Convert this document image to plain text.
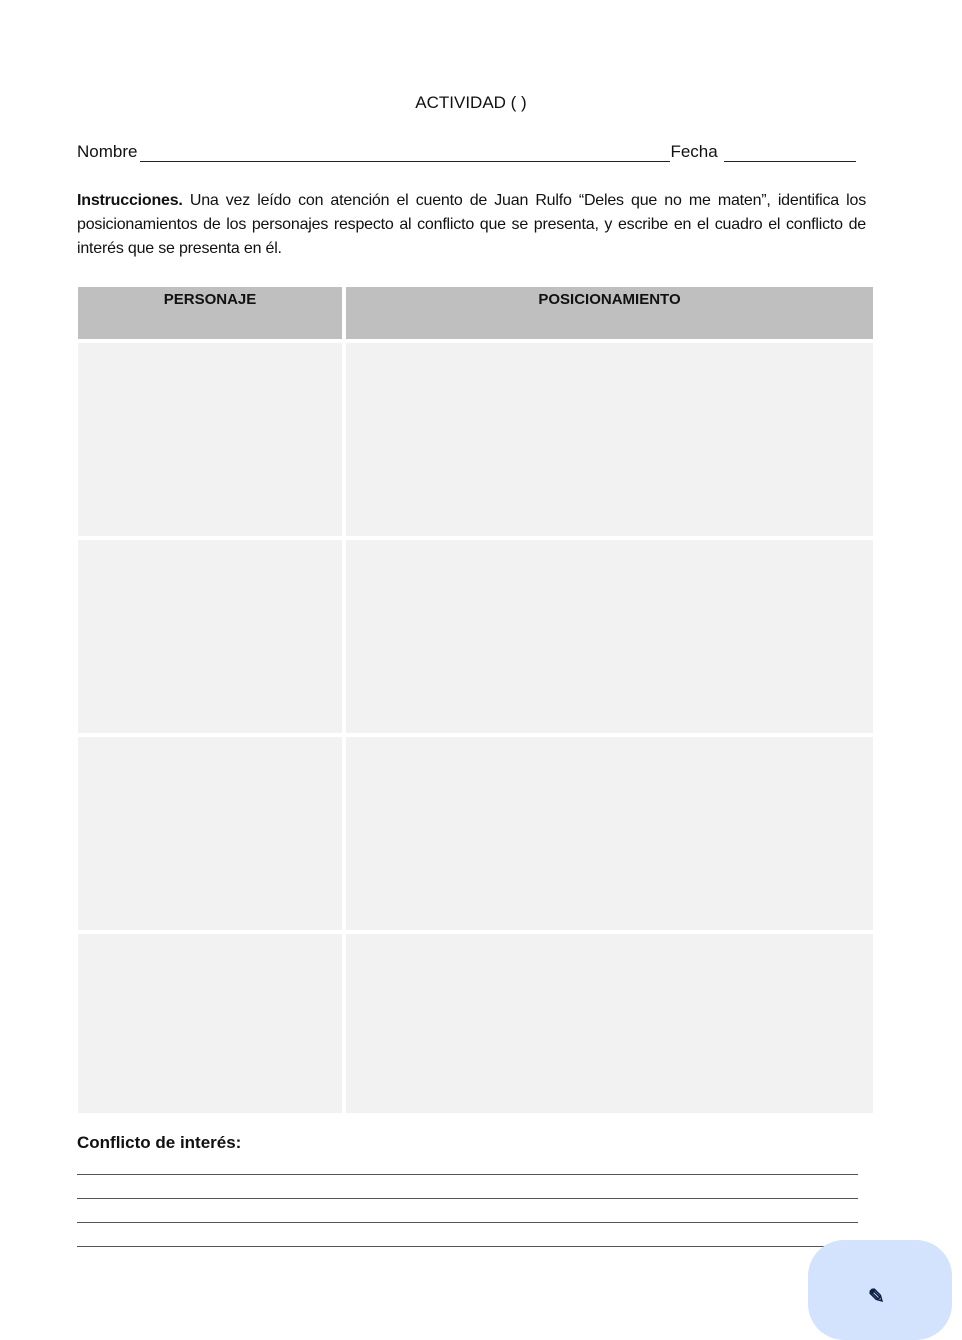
ACTIVIDAD ( )
Nombre	Fecha
Instrucciones. Una vez leído con atención el cuento de Juan Rulfo “Deles que no me maten”, identifica los posicionamientos de los personajes respecto al conflicto que se presenta, y escribe en el cuadro el conflicto de interés que se presenta en él.
PERSONAJE	POSICIONAMIENTO

Conflicto de interés:
✎
